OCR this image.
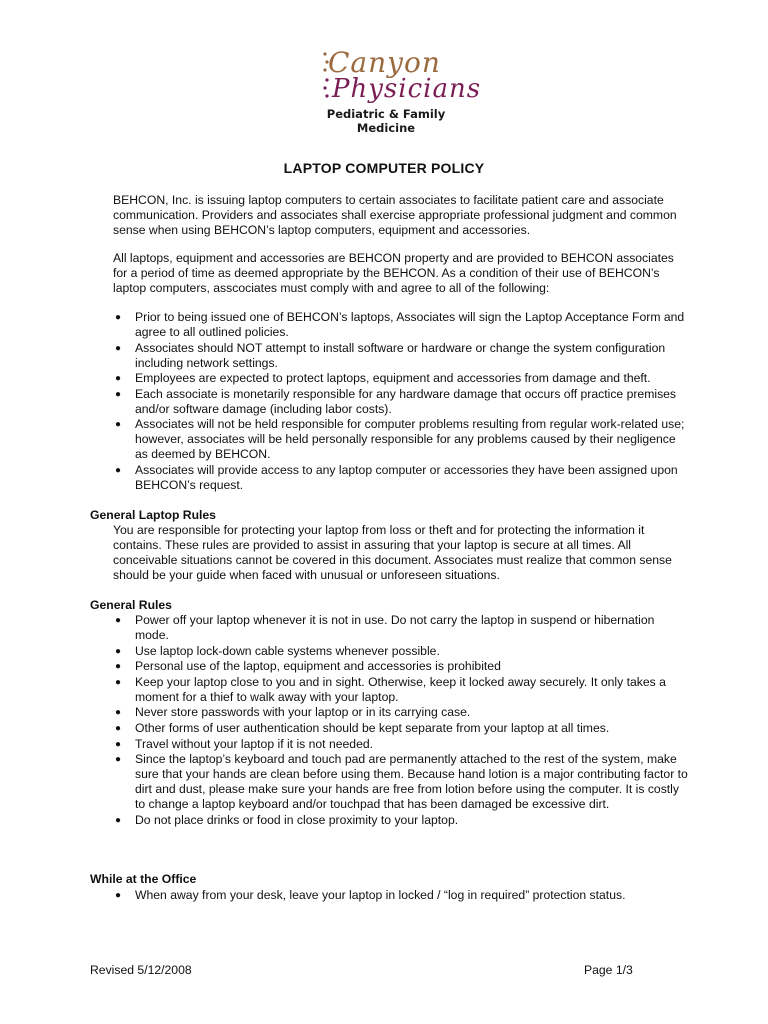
Canyon
Physicians
Pediatric & Family Medicine
LAPTOP COMPUTER POLICY

BEHCON, Inc. is issuing laptop computers to certain associates to facilitate patient care and associate communication. Providers and associates shall exercise appropriate professional judgment and common sense when using BEHCON’s laptop computers, equipment and accessories.

All laptops, equipment and accessories are BEHCON property and are provided to BEHCON associates for a period of time as deemed appropriate by the BEHCON. As a condition of their use of BEHCON’s laptop computers, asscociates must comply with and agree to all of the following:

● Prior to being issued one of BEHCON’s laptops, Associates will sign the Laptop Acceptance Form and agree to all outlined policies.
● Associates should NOT attempt to install software or hardware or change the system configuration including network settings.
● Employees are expected to protect laptops, equipment and accessories from damage and theft.
● Each associate is monetarily responsible for any hardware damage that occurs off practice premises and/or software damage (including labor costs).
● Associates will not be held responsible for computer problems resulting from regular work-related use; however, associates will be held personally responsible for any problems caused by their negligence as deemed by BEHCON.
● Associates will provide access to any laptop computer or accessories they have been assigned upon BEHCON’s request.
General Laptop Rules

You are responsible for protecting your laptop from loss or theft and for protecting the information it contains. These rules are provided to assist in assuring that your laptop is secure at all times. All conceivable situations cannot be covered in this document. Associates must realize that common sense should be your guide when faced with unusual or unforeseen situations.

General Rules
● Power off your laptop whenever it is not in use. Do not carry the laptop in suspend or hibernation mode.
● Use laptop lock-down cable systems whenever possible.
● Personal use of the laptop, equipment and accessories is prohibited
● Keep your laptop close to you and in sight. Otherwise, keep it locked away securely. It only takes a moment for a thief to walk away with your laptop.
● Never store passwords with your laptop or in its carrying case.
● Other forms of user authentication should be kept separate from your laptop at all times.
● Travel without your laptop if it is not needed.
● Since the laptop’s keyboard and touch pad are permanently attached to the rest of the system, make sure that your hands are clean before using them. Because hand lotion is a major contributing factor to dirt and dust, please make sure your hands are free from lotion before using the computer. It is costly to change a laptop keyboard and/or touchpad that has been damaged be excessive dirt.
● Do not place drinks or food in close proximity to your laptop.
While at the Office
● When away from your desk, leave your laptop in locked / “log in required” protection status.
Revised 5/12/2008	Page 1/3
